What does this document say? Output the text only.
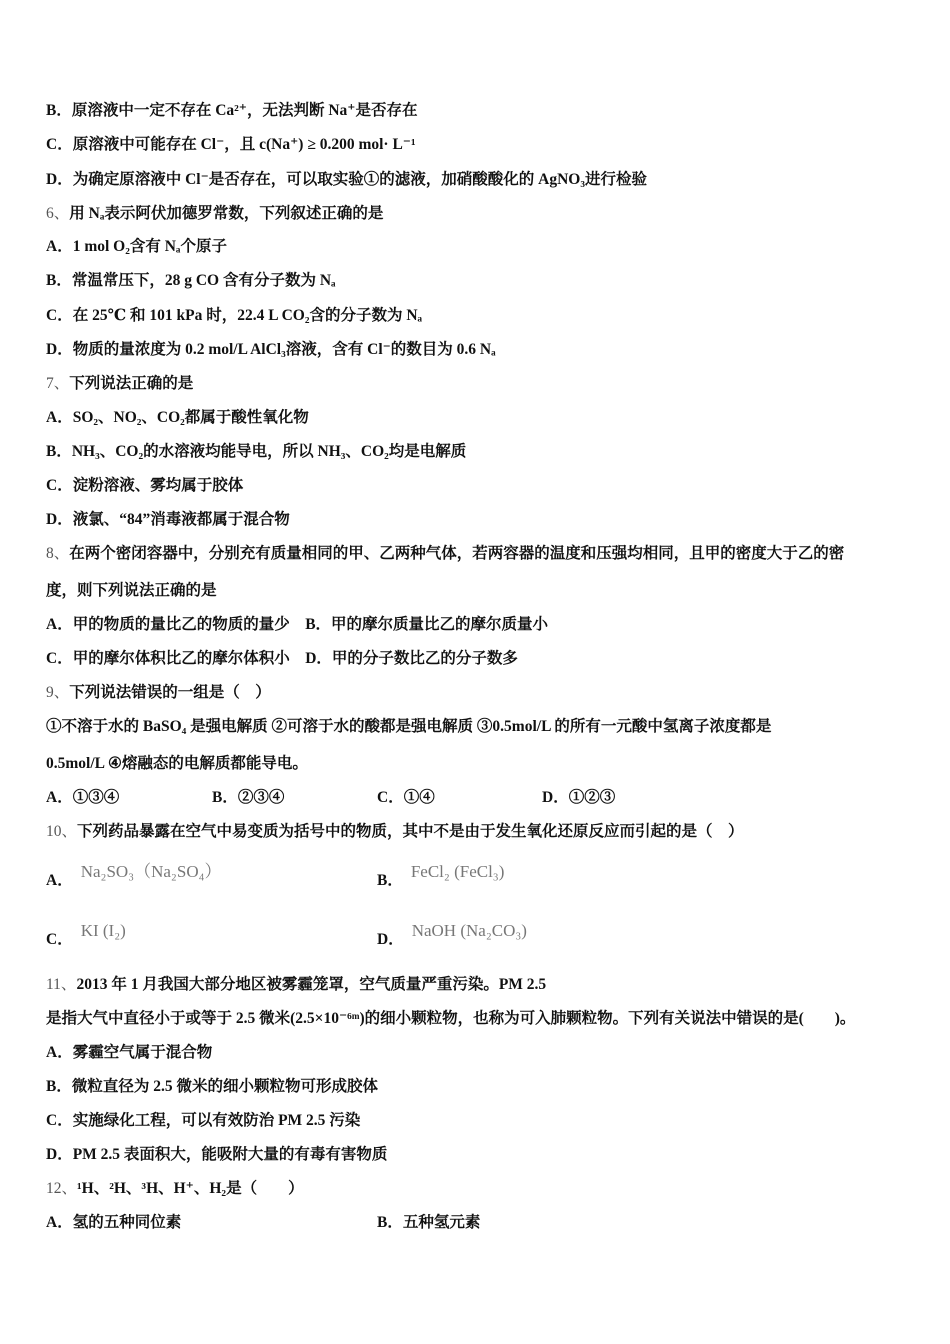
B．原溶液中一定不存在 Ca²⁺，无法判断 Na⁺是否存在
C．原溶液中可能存在 Cl⁻，且 c(Na⁺) ≥ 0.200 mol· L⁻¹
D．为确定原溶液中 Cl⁻是否存在，可以取实验①的滤液，加硝酸酸化的 AgNO₃进行检验
6、用 Nₐ表示阿伏加德罗常数，下列叙述正确的是
A．1 mol O₂含有 Nₐ个原子
B．常温常压下，28 g CO 含有分子数为 Nₐ
C．在 25℃ 和 101 kPa 时，22.4 L CO₂含的分子数为 Nₐ
D．物质的量浓度为 0.2 mol/L AlCl₃溶液，含有 Cl⁻的数目为 0.6 Nₐ
7、下列说法正确的是
A．SO₂、NO₂、CO₂都属于酸性氧化物
B．NH₃、CO₂的水溶液均能导电，所以 NH₃、CO₂均是电解质
C．淀粉溶液、雾均属于胶体
D．液氯、“84”消毒液都属于混合物
8、在两个密闭容器中，分别充有质量相同的甲、乙两种气体，若两容器的温度和压强均相同，且甲的密度大于乙的密
度，则下列说法正确的是
A．甲的物质的量比乙的物质的量少　B．甲的摩尔质量比乙的摩尔质量小
C．甲的摩尔体积比乙的摩尔体积小　D．甲的分子数比乙的分子数多
9、下列说法错误的一组是（　）
①不溶于水的 BaSO₄ 是强电解质 ②可溶于水的酸都是强电解质 ③0.5mol/L 的所有一元酸中氢离子浓度都是
0.5mol/L ④熔融态的电解质都能导电。
A．①③④	B．②③④	C．①④	D．①②③
10、下列药品暴露在空气中易变质为括号中的物质，其中不是由于发生氧化还原反应而引起的是（　）
A． Na₂SO₃（Na₂SO₄）	B． FeCl₂ (FeCl₃)
C． KI (I₂)	D． NaOH (Na₂CO₃)
11、2013 年 1 月我国大部分地区被雾霾笼罩，空气质量严重污染。PM 2.5
是指大气中直径小于或等于 2.5 微米(2.5×10⁻⁶ᵐ)的细小颗粒物，也称为可入肺颗粒物。下列有关说法中错误的是(　　)。
A．雾霾空气属于混合物
B．微粒直径为 2.5 微米的细小颗粒物可形成胶体
C．实施绿化工程，可以有效防治 PM 2.5 污染
D．PM 2.5 表面积大，能吸附大量的有毒有害物质
12、¹H、²H、³H、H⁺、H₂是（　　）
A．氢的五种同位素	B．五种氢元素
